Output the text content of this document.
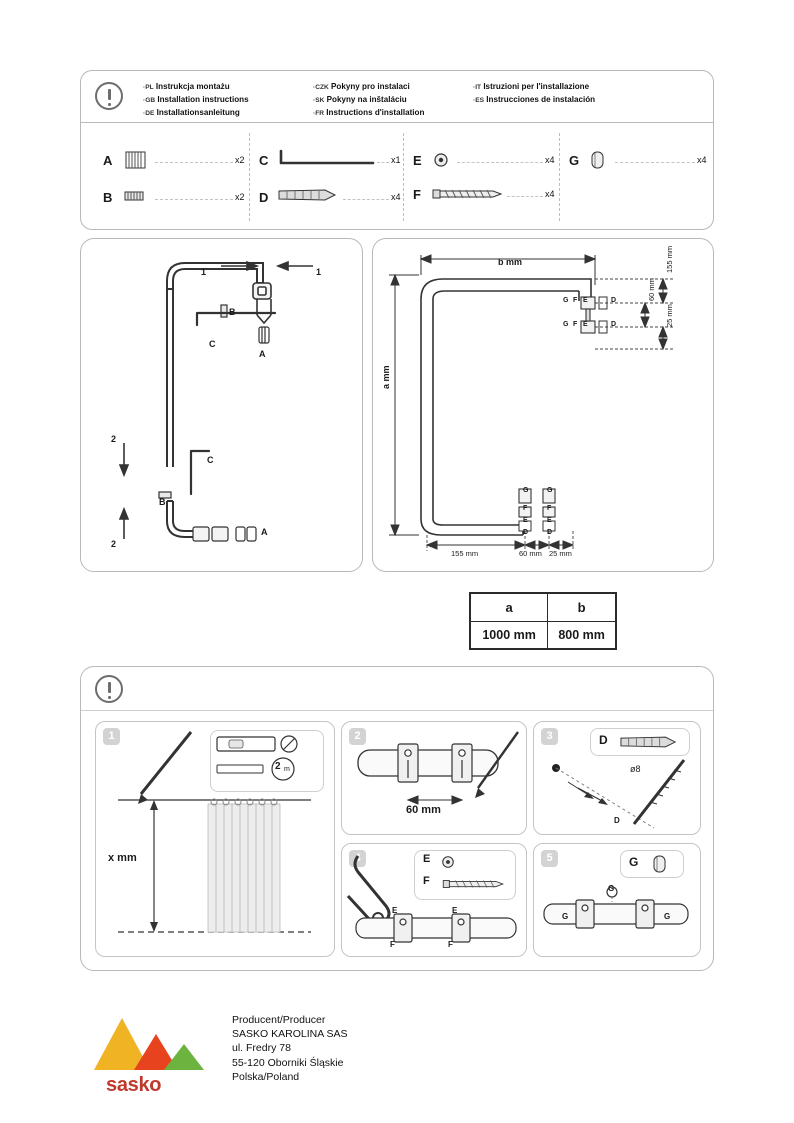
·PL Instrukcja montażu	·CZK Pokyny pro instalaci	·IT Istruzioni per l'installazione
·GB Installation instructions	·SK Pokyny na inštaláciu	·ES Instrucciones de instalación
·DE Installationsanleitung	·FR Instructions d'installation
A	x2
B	x2
C	x1
D	x4
E	x4
F	x4
G	x4
1	1
2
2
B
C
A
C
B
A
b mm
a mm
G F E	D
G F E	D
G	G
F	F
E	E
D	D
155 mm
60 mm
25 mm
155 mm	60 mm 25 mm
a	b
1000 mm	800 mm
1
2 m
x mm
2
60 mm
3	D
ø8
D
4	E
F
E	E
F	F
5	G
G
G	G
sasko
Producent/Producer
SASKO KAROLINA SAS
ul. Fredry 78
55-120 Oborniki Śląskie
Polska/Poland
